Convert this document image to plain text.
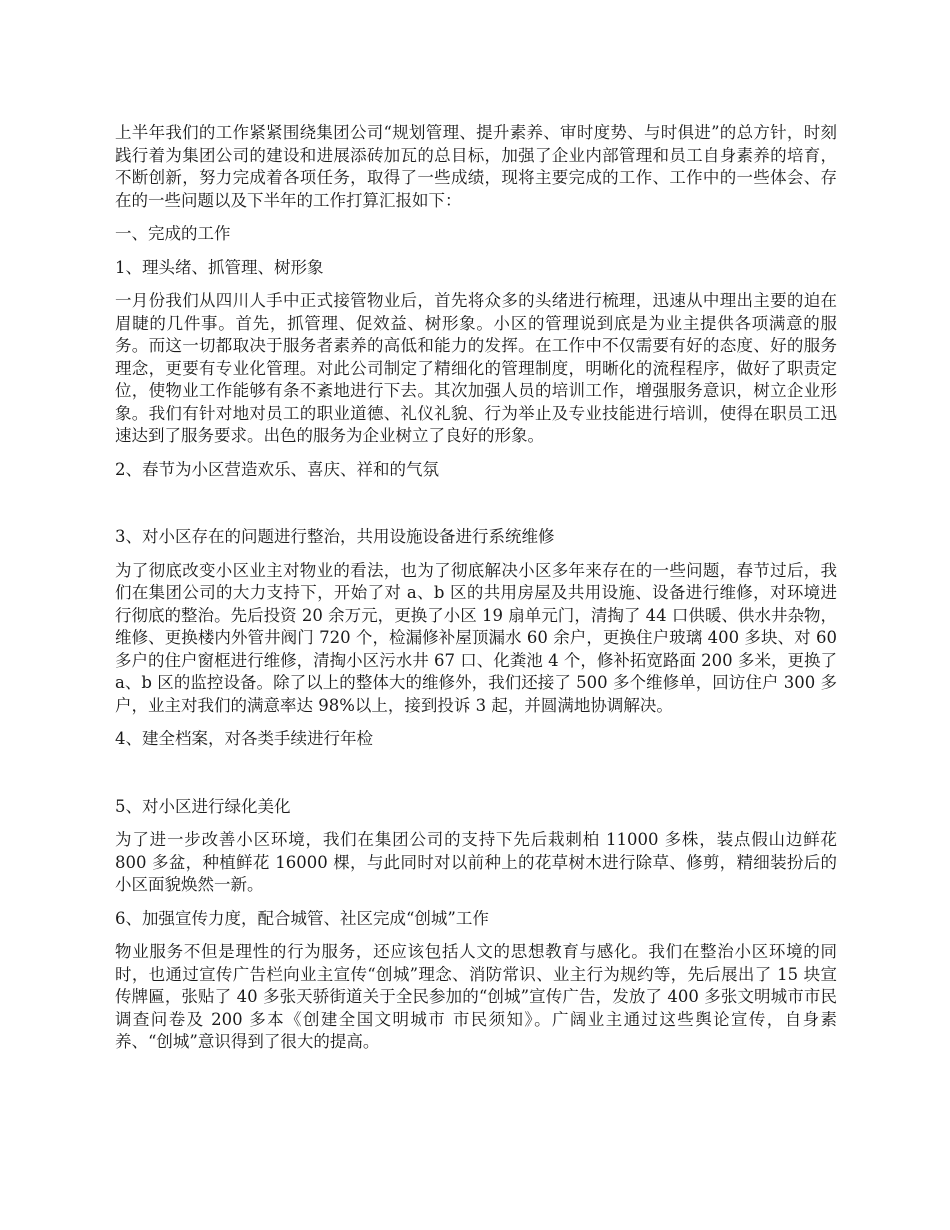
上半年我们的工作紧紧围绕集团公司“规划管理、提升素养、审时度势、与时俱进”的总方针，时刻践行着为集团公司的建设和进展添砖加瓦的总目标，加强了企业内部管理和员工自身素养的培育，不断创新，努力完成着各项任务，取得了一些成绩，现将主要完成的工作、工作中的一些体会、存在的一些问题以及下半年的工作打算汇报如下：

一、完成的工作

1、理头绪、抓管理、树形象

一月份我们从四川人手中正式接管物业后，首先将众多的头绪进行梳理，迅速从中理出主要的迫在眉睫的几件事。首先，抓管理、促效益、树形象。小区的管理说到底是为业主提供各项满意的服务。而这一切都取决于服务者素养的高低和能力的发挥。在工作中不仅需要有好的态度、好的服务理念，更要有专业化管理。对此公司制定了精细化的管理制度，明晰化的流程程序，做好了职责定位，使物业工作能够有条不紊地进行下去。其次加强人员的培训工作，增强服务意识，树立企业形象。我们有针对地对员工的职业道德、礼仪礼貌、行为举止及专业技能进行培训，使得在职员工迅速达到了服务要求。出色的服务为企业树立了良好的形象。

2、春节为小区营造欢乐、喜庆、祥和的气氛

3、对小区存在的问题进行整治，共用设施设备进行系统维修

为了彻底改变小区业主对物业的看法，也为了彻底解决小区多年来存在的一些问题，春节过后，我们在集团公司的大力支持下，开始了对 a、b 区的共用房屋及共用设施、设备进行维修，对环境进行彻底的整治。先后投资 20 余万元，更换了小区 19 扇单元门，清掏了 44 口供暖、供水井杂物，维修、更换楼内外管井阀门 720 个，检漏修补屋顶漏水 60 余户，更换住户玻璃 400 多块、对 60 多户的住户窗框进行维修，清掏小区污水井 67 口、化粪池 4 个，修补拓宽路面 200 多米，更换了 a、b 区的监控设备。除了以上的整体大的维修外，我们还接了 500 多个维修单，回访住户 300 多户，业主对我们的满意率达 98%以上，接到投诉 3 起，并圆满地协调解决。

4、建全档案，对各类手续进行年检

5、对小区进行绿化美化

为了进一步改善小区环境，我们在集团公司的支持下先后栽刺柏 11000 多株，装点假山边鲜花 800 多盆，种植鲜花 16000 棵，与此同时对以前种上的花草树木进行除草、修剪，精细装扮后的小区面貌焕然一新。

6、加强宣传力度，配合城管、社区完成“创城”工作

物业服务不但是理性的行为服务，还应该包括人文的思想教育与感化。我们在整治小区环境的同时，也通过宣传广告栏向业主宣传“创城”理念、消防常识、业主行为规约等，先后展出了 15 块宣传牌匾，张贴了 40 多张天骄街道关于全民参加的“创城”宣传广告，发放了 400 多张文明城市市民调查问卷及 200 多本《创建全国文明城市 市民须知》。广阔业主通过这些舆论宣传，自身素养、“创城”意识得到了很大的提高。
